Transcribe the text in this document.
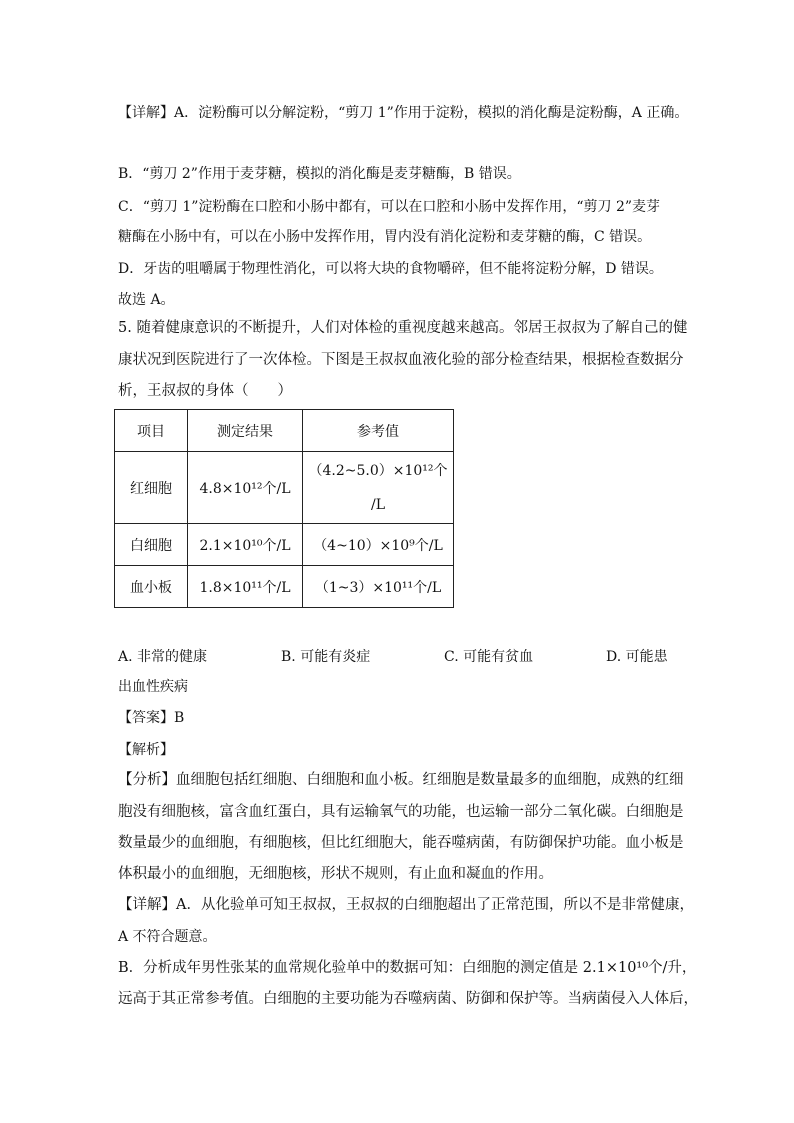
【详解】A．淀粉酶可以分解淀粉，“剪刀 1”作用于淀粉，模拟的消化酶是淀粉酶，A 正确。
B．“剪刀 2”作用于麦芽糖，模拟的消化酶是麦芽糖酶，B 错误。
C．“剪刀 1”淀粉酶在口腔和小肠中都有，可以在口腔和小肠中发挥作用，“剪刀 2”麦芽
糖酶在小肠中有，可以在小肠中发挥作用，胃内没有消化淀粉和麦芽糖的酶，C 错误。
D．牙齿的咀嚼属于物理性消化，可以将大块的食物嚼碎，但不能将淀粉分解，D 错误。
故选 A。
5. 随着健康意识的不断提升，人们对体检的重视度越来越高。邻居王叔叔为了解自己的健
康状况到医院进行了一次体检。下图是王叔叔血液化验的部分检查结果，根据检查数据分
析，王叔叔的身体（　　）
项目	测定结果	参考值
红细胞	4.8×10¹²个/L	（4.2~5.0）×10¹²个
/L

白细胞	2.1×10¹⁰个/L	（4~10）×10⁹个/L
血小板	1.8×10¹¹个/L	（1~3）×10¹¹个/L
A. 非常的健康	B. 可能有炎症	C. 可能有贫血	D. 可能患
出血性疾病
【答案】B
【解析】
【分析】血细胞包括红细胞、白细胞和血小板。红细胞是数量最多的血细胞，成熟的红细
胞没有细胞核，富含血红蛋白，具有运输氧气的功能，也运输一部分二氧化碳。白细胞是
数量最少的血细胞，有细胞核，但比红细胞大，能吞噬病菌，有防御保护功能。血小板是
体积最小的血细胞，无细胞核，形状不规则，有止血和凝血的作用。
【详解】A．从化验单可知王叔叔，王叔叔的白细胞超出了正常范围，所以不是非常健康，
A 不符合题意。
B．分析成年男性张某的血常规化验单中的数据可知：白细胞的测定值是 2.1×10¹⁰个/升，
远高于其正常参考值。白细胞的主要功能为吞噬病菌、防御和保护等。当病菌侵入人体后，
